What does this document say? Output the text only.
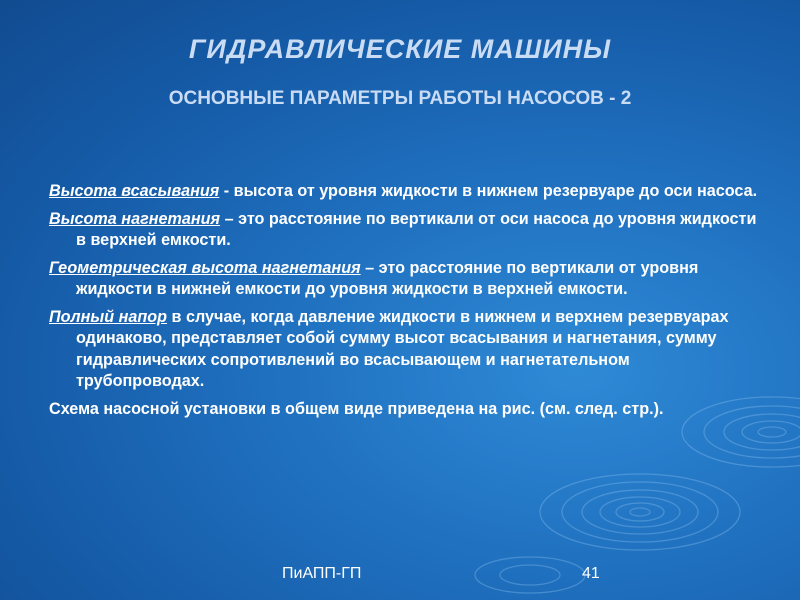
ГИДРАВЛИЧЕСКИЕ МАШИНЫ
ОСНОВНЫЕ ПАРАМЕТРЫ РАБОТЫ НАСОСОВ - 2

Высота всасывания - высота от уровня жидкости в нижнем резервуаре до оси насоса.

Высота нагнетания – это расстояние по вертикали от оси насоса до уровня жидкости в верхней емкости.

Геометрическая высота нагнетания – это расстояние по вертикали от уровня жидкости в нижней емкости до уровня жидкости в верхней емкости.

Полный напор в случае, когда давление жидкости в нижнем и верхнем резервуарах одинаково, представляет собой сумму высот всасывания и нагнетания, сумму гидравлических сопротивлений во всасывающем и нагнетательном трубопроводах.

Схема насосной установки в общем виде приведена на рис. (см. след. стр.).

ПиАПП-ГП	41
